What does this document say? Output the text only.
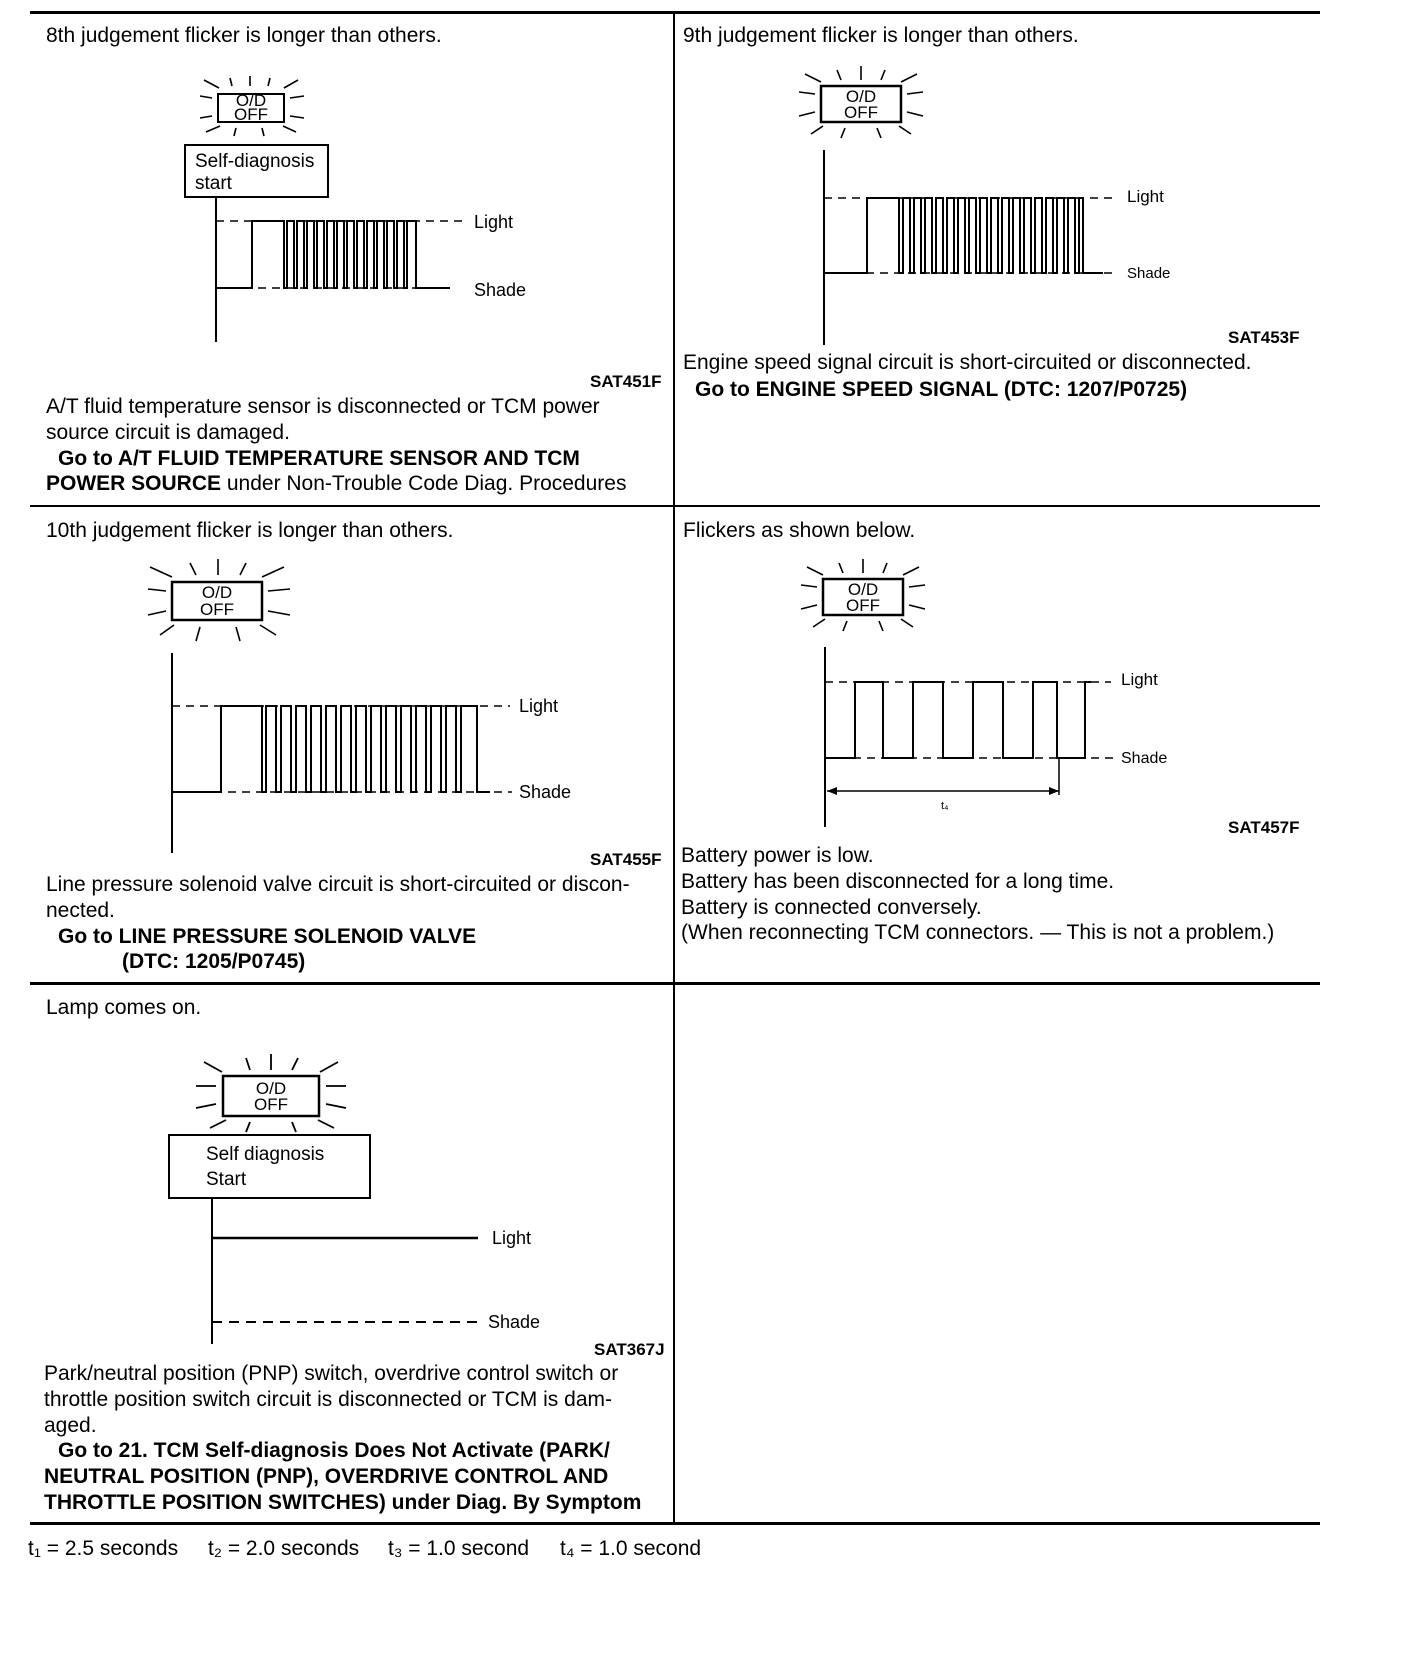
8th judgement flicker is longer than others.
O/D
OFF
Self-diagnosis
start
Light
Shade
SAT451F
A/T fluid temperature sensor is disconnected or TCM power
source circuit is damaged.
Go to A/T FLUID TEMPERATURE SENSOR AND TCM
POWER SOURCE under Non-Trouble Code Diag. Procedures
9th judgement flicker is longer than others.
O/D
OFF
Light
Shade
SAT453F
Engine speed signal circuit is short-circuited or disconnected.
Go to ENGINE SPEED SIGNAL (DTC: 1207/P0725)
10th judgement flicker is longer than others.
O/D
OFF
Light
Shade
SAT455F
Line pressure solenoid valve circuit is short-circuited or discon-
nected.
Go to LINE PRESSURE SOLENOID VALVE
(DTC: 1205/P0745)
Flickers as shown below.
O/D
OFF
t₄
Light
Shade
SAT457F
Battery power is low.
Battery has been disconnected for a long time.
Battery is connected conversely.
(When reconnecting TCM connectors. — This is not a problem.)
Lamp comes on.
O/D
OFF
Self diagnosis
Start
Light
Shade
SAT367J
Park/neutral position (PNP) switch, overdrive control switch or
throttle position switch circuit is disconnected or TCM is dam-
aged.
Go to 21. TCM Self-diagnosis Does Not Activate (PARK/
NEUTRAL POSITION (PNP), OVERDRIVE CONTROL AND
THROTTLE POSITION SWITCHES) under Diag. By Symptom
t₁ = 2.5 seconds t₂ = 2.0 seconds t₃ = 1.0 second t₄ = 1.0 second
